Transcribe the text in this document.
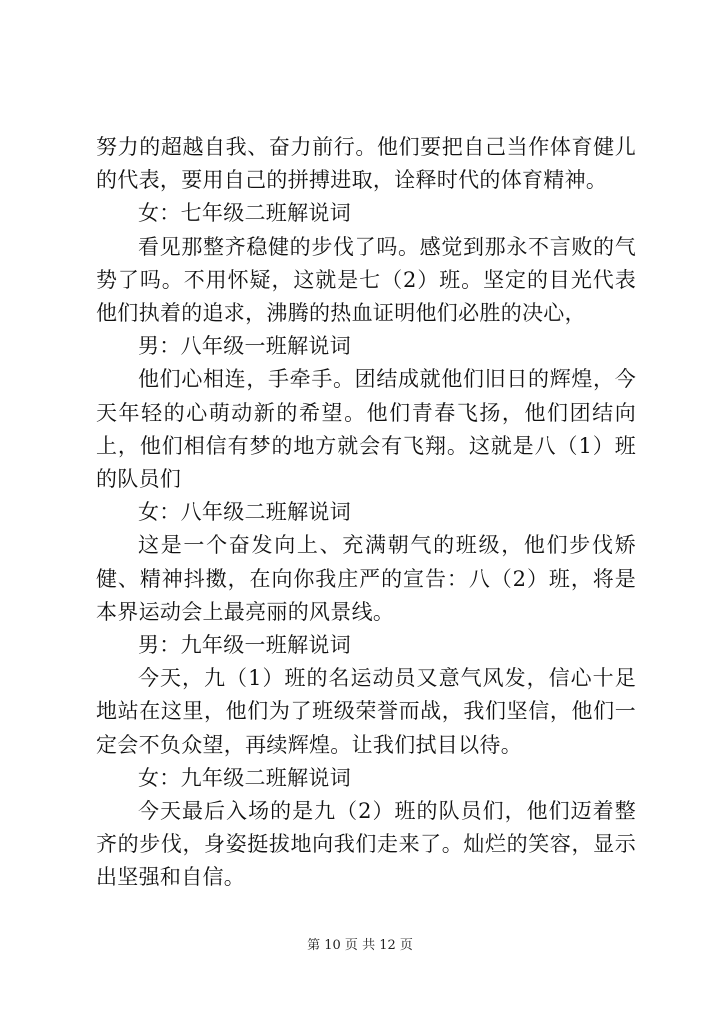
努力的超越自我、奋力前行。他们要把自己当作体育健儿的代表，要用自己的拼搏进取，诠释时代的体育精神。

女：七年级二班解说词

看见那整齐稳健的步伐了吗。感觉到那永不言败的气势了吗。不用怀疑，这就是七（2）班。坚定的目光代表他们执着的追求，沸腾的热血证明他们必胜的决心，

男：八年级一班解说词

他们心相连，手牵手。团结成就他们旧日的辉煌，今天年轻的心萌动新的希望。他们青春飞扬，他们团结向上，他们相信有梦的地方就会有飞翔。这就是八（1）班的队员们

女：八年级二班解说词

这是一个奋发向上、充满朝气的班级，他们步伐矫健、精神抖擞，在向你我庄严的宣告：八（2）班，将是本界运动会上最亮丽的风景线。

男：九年级一班解说词

今天，九（1）班的名运动员又意气风发，信心十足地站在这里，他们为了班级荣誉而战，我们坚信，他们一定会不负众望，再续辉煌。让我们拭目以待。

女：九年级二班解说词

今天最后入场的是九（2）班的队员们，他们迈着整齐的步伐，身姿挺拔地向我们走来了。灿烂的笑容，显示出坚强和自信。

第 10 页 共 12 页
